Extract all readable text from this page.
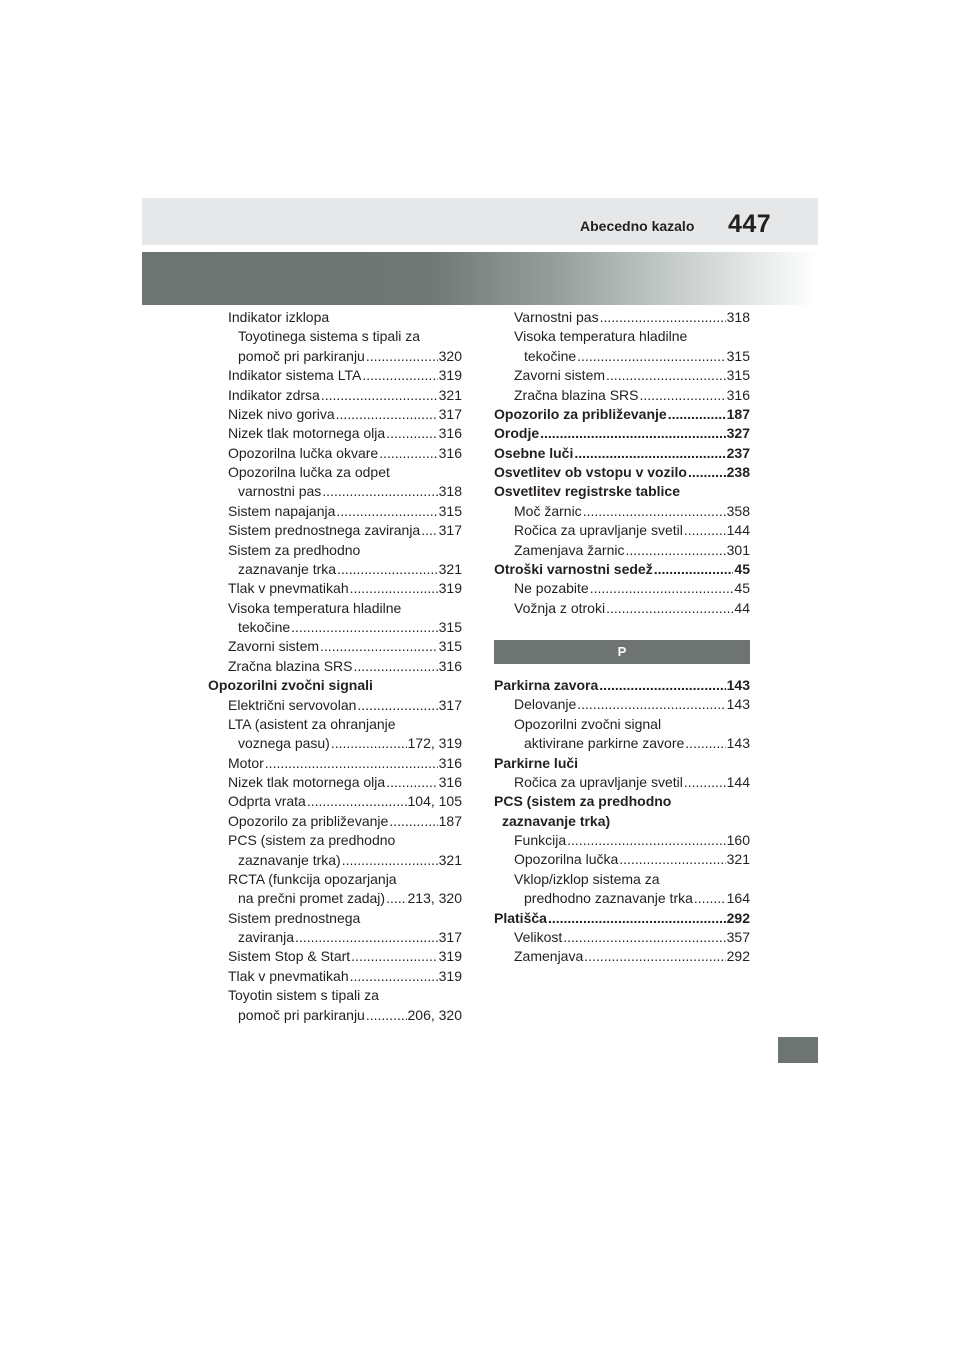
Abecedno kazalo 447
Indikator izklopa
Toyotinega sistema s tipali za
pomoč pri parkiranju .....	320
Indikator sistema LTA .....	319
Indikator zdrsa .....	321
Nizek nivo goriva .....	317
Nizek tlak motornega olja .....	316
Opozorilna lučka okvare .....	316
Opozorilna lučka za odpet
varnostni pas .....	318
Sistem napajanja .....	315
Sistem prednostnega zaviranja ..... 317
Sistem za predhodno
zaznavanje trka .....	321
Tlak v pnevmatikah .....	319
Visoka temperatura hladilne
tekočine .....	315
Zavorni sistem .....	315
Zračna blazina SRS .....	316
Opozorilni zvočni signali
Električni servovolan .....	317
LTA (asistent za ohranjanje
voznega pasu) .....	172, 319
Motor .....	316
Nizek tlak motornega olja .....	316
Odprta vrata .....	104, 105
Opozorilo za približevanje .....	187
PCS (sistem za predhodno
zaznavanje trka) .....	321
RCTA (funkcija opozarjanja
na prečni promet zadaj) ..... 213, 320
Sistem prednostnega
zaviranja .....	317
Sistem Stop & Start .....	319
Tlak v pnevmatikah .....	319
Toyotin sistem s tipali za
pomoč pri parkiranju .....	206, 320
Varnostni pas .....	318
Visoka temperatura hladilne
tekočine .....	315
Zavorni sistem .....	315
Zračna blazina SRS .....	316
Opozorilo za približevanje .....	187
Orodje .....	327
Osebne luči .....	237
Osvetlitev ob vstopu v vozilo .....	238
Osvetlitev registrske tablice
Moč žarnic .....	358
Ročica za upravljanje svetil .....	144
Zamenjava žarnic .....	301
Otroški varnostni sedež .....	45
Ne pozabite .....	45
Vožnja z otroki .....	44
P
Parkirna zavora .....	143
Delovanje .....	143
Opozorilni zvočni signal
aktivirane parkirne zavore .....	143
Parkirne luči
Ročica za upravljanje svetil .....	144
PCS (sistem za predhodno
zaznavanje trka)
Funkcija .....	160
Opozorilna lučka .....	321
Vklop/izklop sistema za
predhodno zaznavanje trka ..... 164
Platišča .....	292
Velikost .....	357
Zamenjava .....	292
